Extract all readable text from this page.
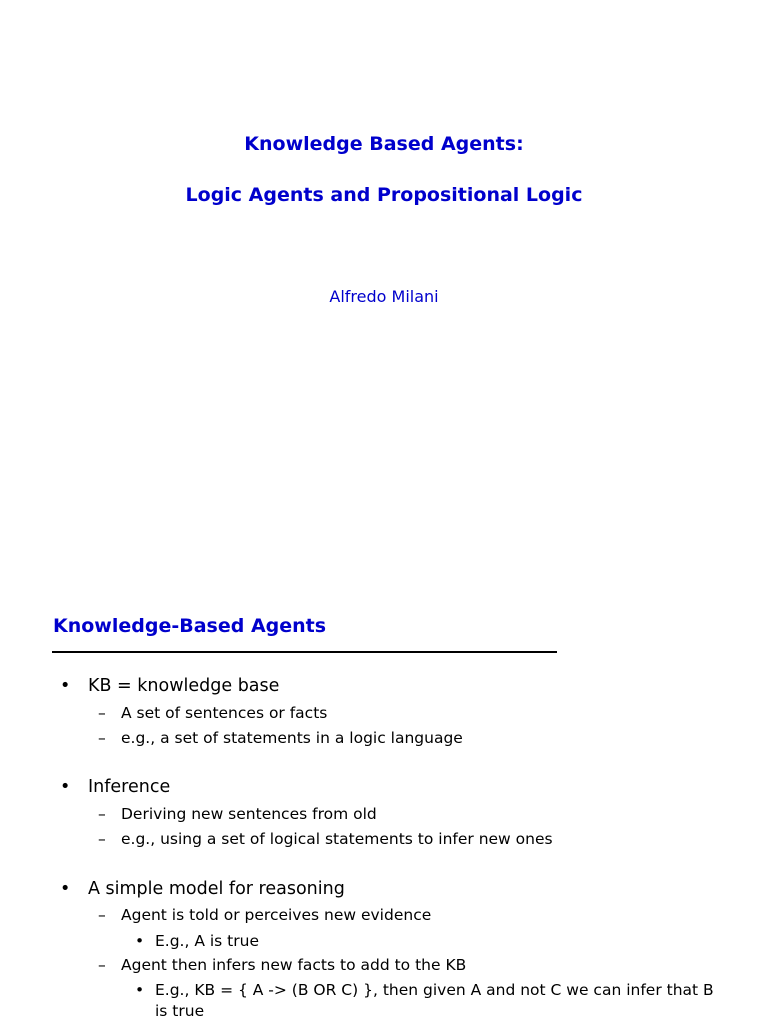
Knowledge Based Agents:
Logic Agents and Propositional Logic
Alfredo Milani
Knowledge-Based Agents
• KB = knowledge base
– A set of sentences or facts
– e.g., a set of statements in a logic language
• Inference
– Deriving new sentences from old
– e.g., using a set of logical statements to infer new ones
• A simple model for reasoning
– Agent is told or perceives new evidence
• E.g., A is true
– Agent then infers new facts to add to the KB
• E.g., KB = { A -> (B OR C) }, then given A and not C we can infer that B is true
